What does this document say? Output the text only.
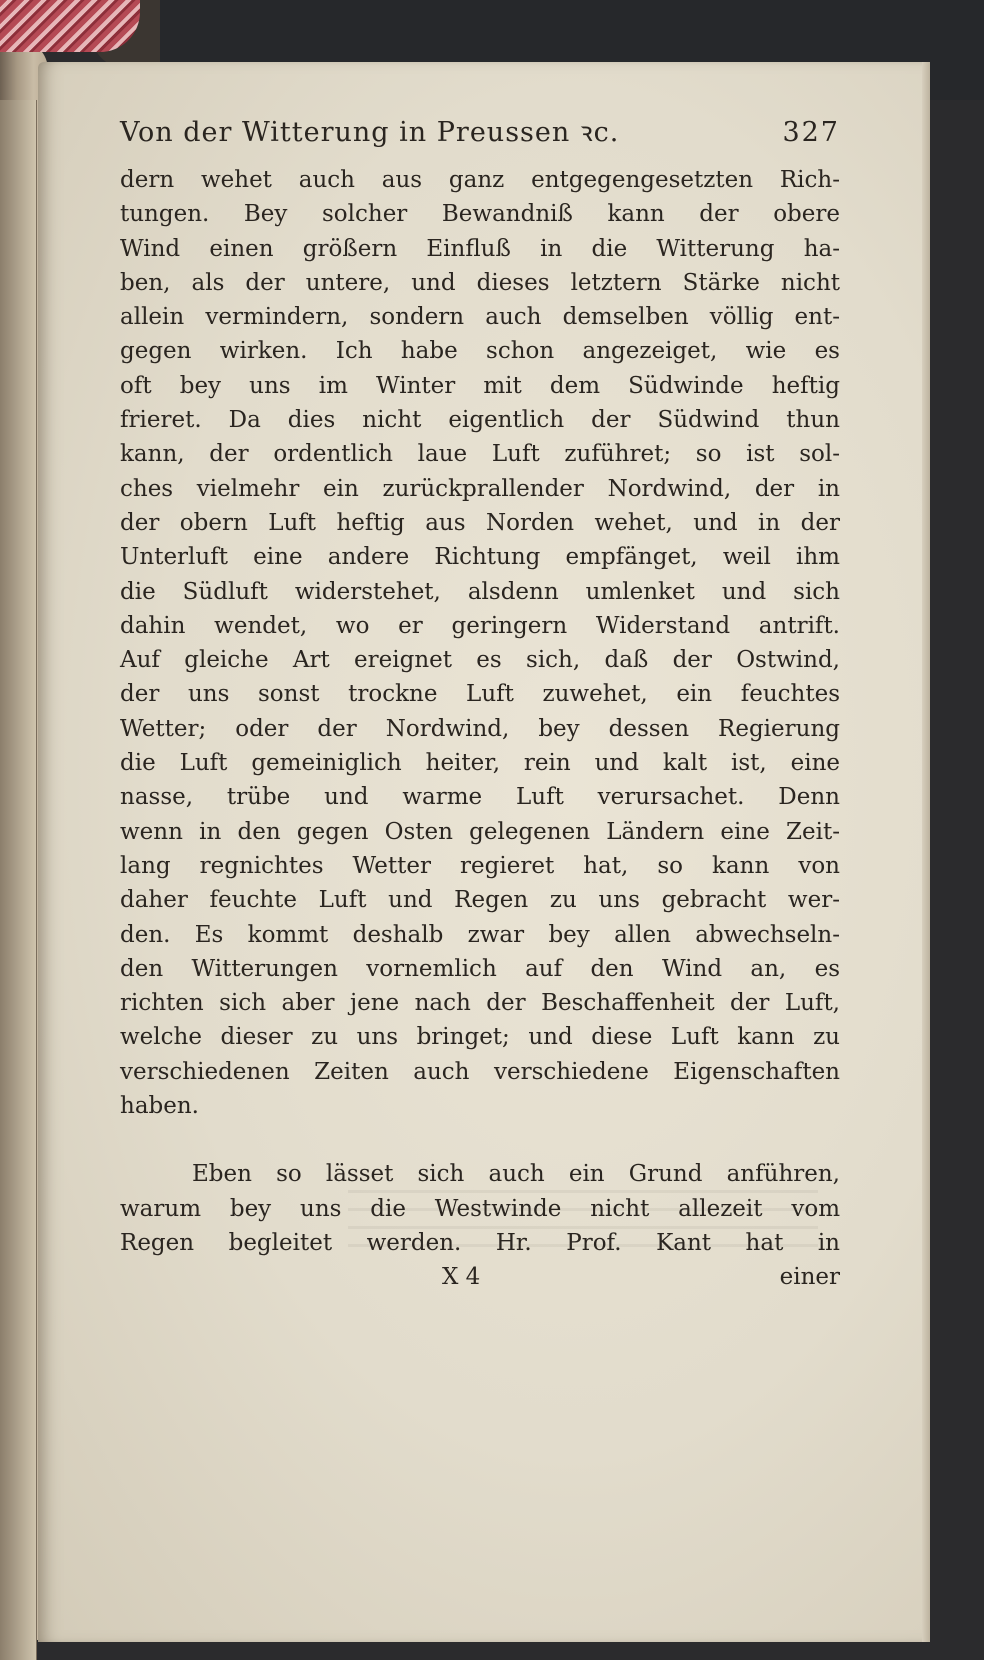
Von der Witterung in Preussen ꝛc.	327
dern wehet auch aus ganz entgegengesetzten Rich-
tungen. Bey solcher Bewandniß kann der obere
Wind einen größern Einfluß in die Witterung ha-
ben, als der untere, und dieses letztern Stärke nicht
allein vermindern, sondern auch demselben völlig ent-
gegen wirken. Ich habe schon angezeiget, wie es
oft bey uns im Winter mit dem Südwinde heftig
frieret. Da dies nicht eigentlich der Südwind thun
kann, der ordentlich laue Luft zuführet; so ist sol-
ches vielmehr ein zurückprallender Nordwind, der in
der obern Luft heftig aus Norden wehet, und in der
Unterluft eine andere Richtung empfänget, weil ihm
die Südluft widerstehet, alsdenn umlenket und sich
dahin wendet, wo er geringern Widerstand antrift.
Auf gleiche Art ereignet es sich, daß der Ostwind,
der uns sonst trockne Luft zuwehet, ein feuchtes
Wetter; oder der Nordwind, bey dessen Regierung
die Luft gemeiniglich heiter, rein und kalt ist, eine
nasse, trübe und warme Luft verursachet. Denn
wenn in den gegen Osten gelegenen Ländern eine Zeit-
lang regnichtes Wetter regieret hat, so kann von
daher feuchte Luft und Regen zu uns gebracht wer-
den. Es kommt deshalb zwar bey allen abwechseln-
den Witterungen vornemlich auf den Wind an, es
richten sich aber jene nach der Beschaffenheit der Luft,
welche dieser zu uns bringet; und diese Luft kann zu
verschiedenen Zeiten auch verschiedene Eigenschaften
haben.
Eben so lässet sich auch ein Grund anführen,
warum bey uns die Westwinde nicht allezeit vom
Regen begleitet werden. Hr. Prof. Kant hat in
X 4	einer
